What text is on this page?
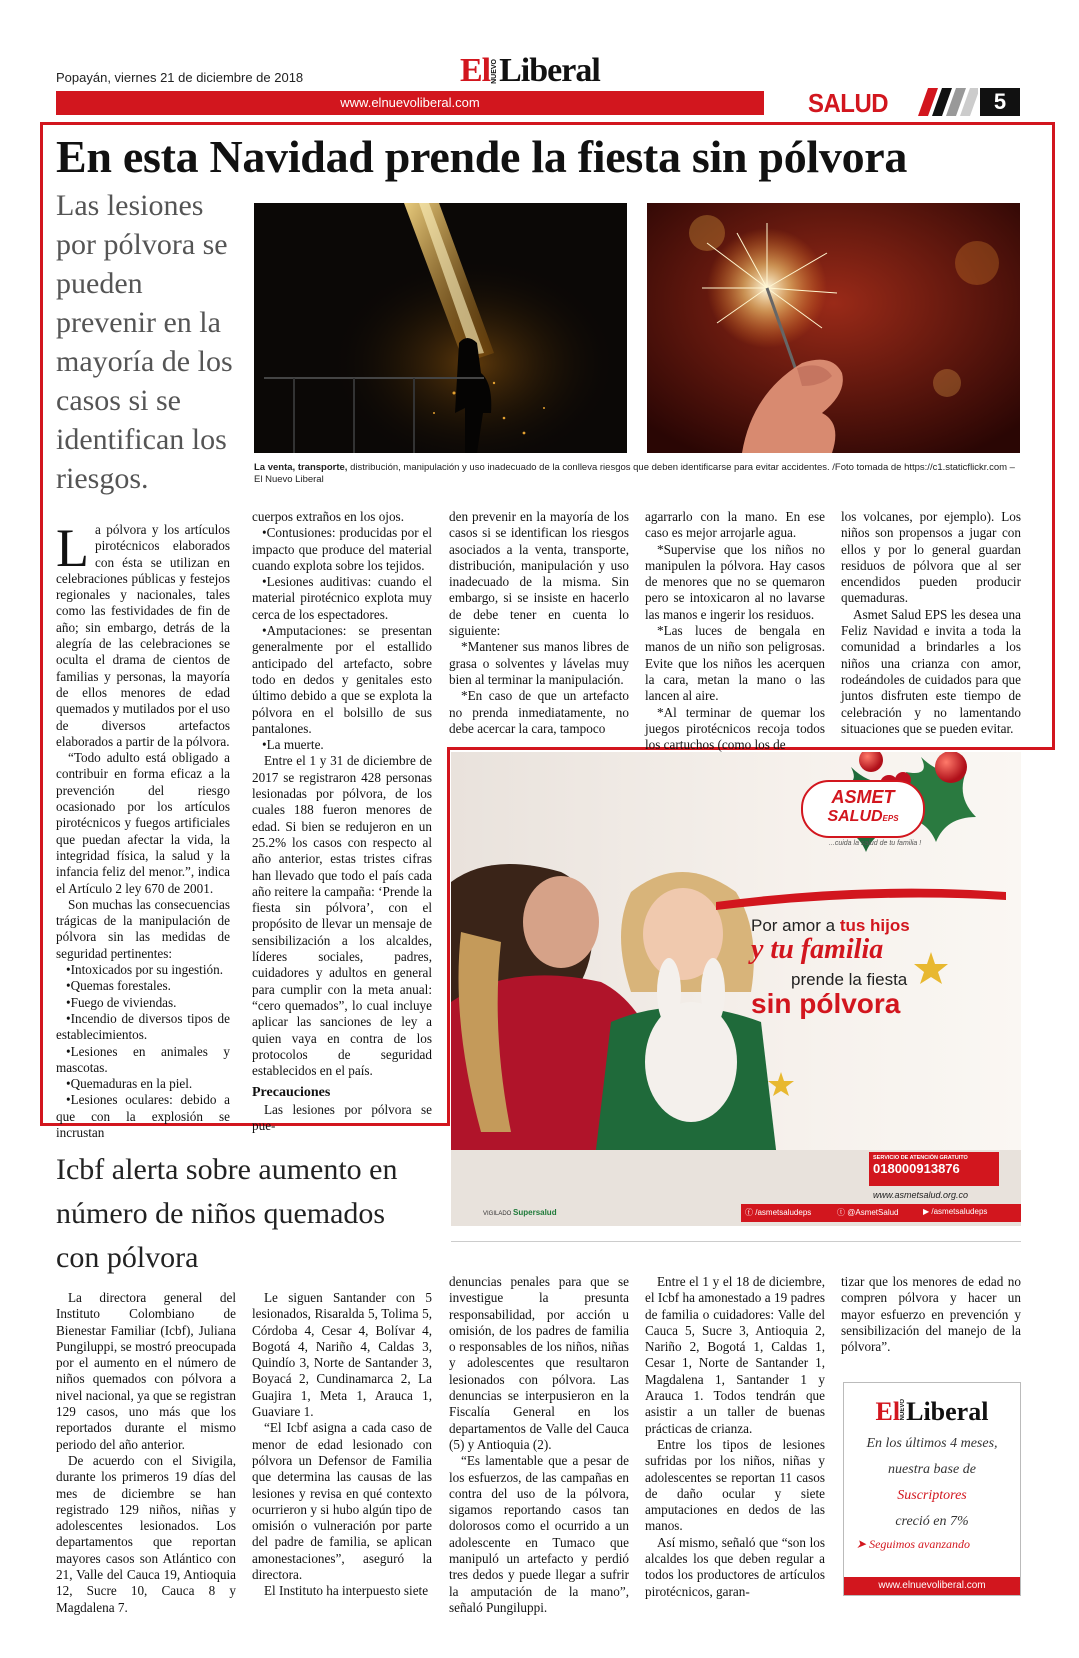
Popayán, viernes 21 de diciembre de 2018	El NUEVO Liberal
www.elnuevoliberal.com	SALUD	5
En esta Navidad prende la fiesta sin pólvora
Las lesiones por pólvora se pueden prevenir en la mayoría de los casos si se identifican los riesgos.	La venta, transporte, distribución, manipulación y uso inadecuado de la conlleva riesgos que deben identificarse para evitar accidentes. /Foto tomada de https://c1.staticflickr.com –El Nuevo Liberal

La pólvora y los artículos pirotécnicos elaborados con ésta se utilizan en celebraciones públicas y festejos regionales y nacionales, tales como las festividades de fin de año; sin embargo, detrás de la alegría de las celebraciones se oculta el drama de cientos de familias y personas, la mayoría de ellos menores de edad quemados y mutilados por el uso de diversos artefactos elaborados a partir de la pólvora.

“Todo adulto está obligado a contribuir en forma eficaz a la prevención del riesgo ocasionado por los artículos pirotécnicos y fuegos artificiales que puedan afectar la vida, la integridad física, la salud y la infancia feliz del menor.”, indica el Artículo 2 ley 670 de 2001.

Son muchas las consecuencias trágicas de la manipulación de pólvora sin las medidas de seguridad pertinentes:

•Intoxicados por su ingestión.

•Quemas forestales.

•Fuego de viviendas.

•Incendio de diversos tipos de establecimientos.

•Lesiones en animales y mascotas.

•Quemaduras en la piel.

•Lesiones oculares: debido a que con la explosión se incrustan

cuerpos extraños en los ojos.

•Contusiones: producidas por el impacto que produce del material cuando explota sobre los tejidos.

•Lesiones auditivas: cuando el material pirotécnico explota muy cerca de los espectadores.

•Amputaciones: se presentan generalmente por el estallido anticipado del artefacto, sobre todo en dedos y genitales esto último debido a que se explota la pólvora en el bolsillo de sus pantalones.

•La muerte.

Entre el 1 y 31 de diciembre de 2017 se registraron 428 personas lesionadas por pólvora, de los cuales 188 fueron menores de edad. Si bien se redujeron en un 25.2% los casos con respecto al año anterior, estas tristes cifras han llevado que todo el país cada año reitere la campaña: ‘Prende la fiesta sin pólvora’, con el propósito de llevar un mensaje de sensibilización a los alcaldes, líderes sociales, padres, cuidadores y adultos en general para cumplir con la meta anual: “cero quemados”, lo cual incluye aplicar las sanciones de ley a quien vaya en contra de los protocolos de seguridad establecidos en el país.

Precauciones

Las lesiones por pólvora se pue-

den prevenir en la mayoría de los casos si se identifican los riesgos asociados a la venta, transporte, distribución, manipulación y uso inadecuado de la misma. Sin embargo, si se insiste en hacerlo de debe tener en cuenta lo siguiente:

*Mantener sus manos libres de grasa o solventes y lávelas muy bien al terminar la manipulación.

*En caso de que un artefacto no prenda inmediatamente, no debe acercar la cara, tampoco

agarrarlo con la mano. En ese caso es mejor arrojarle agua.

*Supervise que los niños no manipulen la pólvora. Hay casos de menores que no se quemaron pero se intoxicaron al no lavarse las manos e ingerir los residuos.

*Las luces de bengala en manos de un niño son peligrosas. Evite que los niños les acerquen la cara, metan la mano o las lancen al aire.

*Al terminar de quemar los juegos pirotécnicos recoja todos los cartuchos (como los de

los volcanes, por ejemplo). Los niños son propensos a jugar con ellos y por lo general guardan residuos de pólvora que al ser encendidos pueden producir quemaduras.

Asmet Salud EPS les desea una Feliz Navidad e invita a toda la comunidad a brindarles a los niños una crianza con amor, rodeándoles de cuidados para que juntos disfruten este tiempo de celebración y no lamentando situaciones que se pueden evitar.

ASMET
SALUDEPS
...cuida la salud de tu familia !
Por amor a tus hijos
y tu familia
prende la fiesta
sin pólvora
SERVICIO DE ATENCIÓN GRATUITO
018000913876
www.asmetsalud.org.co
VIGILADO Supersalud	ⓕ /asmetsaludeps	ⓣ @AsmetSalud	▶ /asmetsaludeps
Icbf alerta sobre aumento en número de niños quemados con pólvora

La directora general del Instituto Colombiano de Bienestar Familiar (Icbf), Juliana Pungiluppi, se mostró preocupada por el aumento en el número de niños quemados con pólvora a nivel nacional, ya que se registran 129 casos, uno más que los reportados durante el mismo periodo del año anterior.

De acuerdo con el Sivigila, durante los primeros 19 días del mes de diciembre se han registrado 129 niños, niñas y adolescentes lesionados. Los departamentos que reportan mayores casos son Atlántico con 21, Valle del Cauca 19, Antioquia 12, Sucre 10, Cauca 8 y Magdalena 7.

Le siguen Santander con 5 lesionados, Risaralda 5, Tolima 5, Córdoba 4, Cesar 4, Bolívar 4, Bogotá 4, Nariño 4, Caldas 3, Quindío 3, Norte de Santander 3, Boyacá 2, Cundinamarca 2, La Guajira 1, Meta 1, Arauca 1, Guaviare 1.

“El Icbf asigna a cada caso de menor de edad lesionado con pólvora un Defensor de Familia que determina las causas de las lesiones y revisa en qué contexto ocurrieron y si hubo algún tipo de omisión o vulneración por parte del padre de familia, se aplican amonestaciones”, aseguró la directora.

El Instituto ha interpuesto siete

denuncias penales para que se investigue la presunta responsabilidad, por acción u omisión, de los padres de familia o responsables de los niños, niñas y adolescentes que resultaron lesionados con pólvora. Las denuncias se interpusieron en la Fiscalía General en los departamentos de Valle del Cauca (5) y Antioquia (2).

“Es lamentable que a pesar de los esfuerzos, de las campañas en contra del uso de la pólvora, sigamos reportando casos tan dolorosos como el ocurrido a un adolescente en Tumaco que manipuló un artefacto y perdió tres dedos y puede llegar a sufrir la amputación de la mano”, señaló Pungiluppi.

Entre el 1 y el 18 de diciembre, el Icbf ha amonestado a 19 padres de familia o cuidadores: Valle del Cauca 5, Sucre 3, Antioquia 2, Nariño 2, Bogotá 1, Caldas 1, Cesar 1, Norte de Santander 1, Magdalena 1, Santander 1 y Arauca 1. Todos tendrán que asistir a un taller de buenas prácticas de crianza.

Entre los tipos de lesiones sufridas por los niños, niñas y adolescentes se reportan 11 casos de daño ocular y siete amputaciones en dedos de las manos.

Así mismo, señaló que “son los alcaldes los que deben regular a todos los productores de artículos pirotécnicos, garan-

tizar que los menores de edad no compren pólvora y hacer un mayor esfuerzo en prevención y sensibilización del manejo de la pólvora”.

ElNUEVOLiberal
En los últimos 4 meses,
nuestra base de
Suscriptores
creció en 7%
➤ Seguimos avanzando
www.elnuevoliberal.com
